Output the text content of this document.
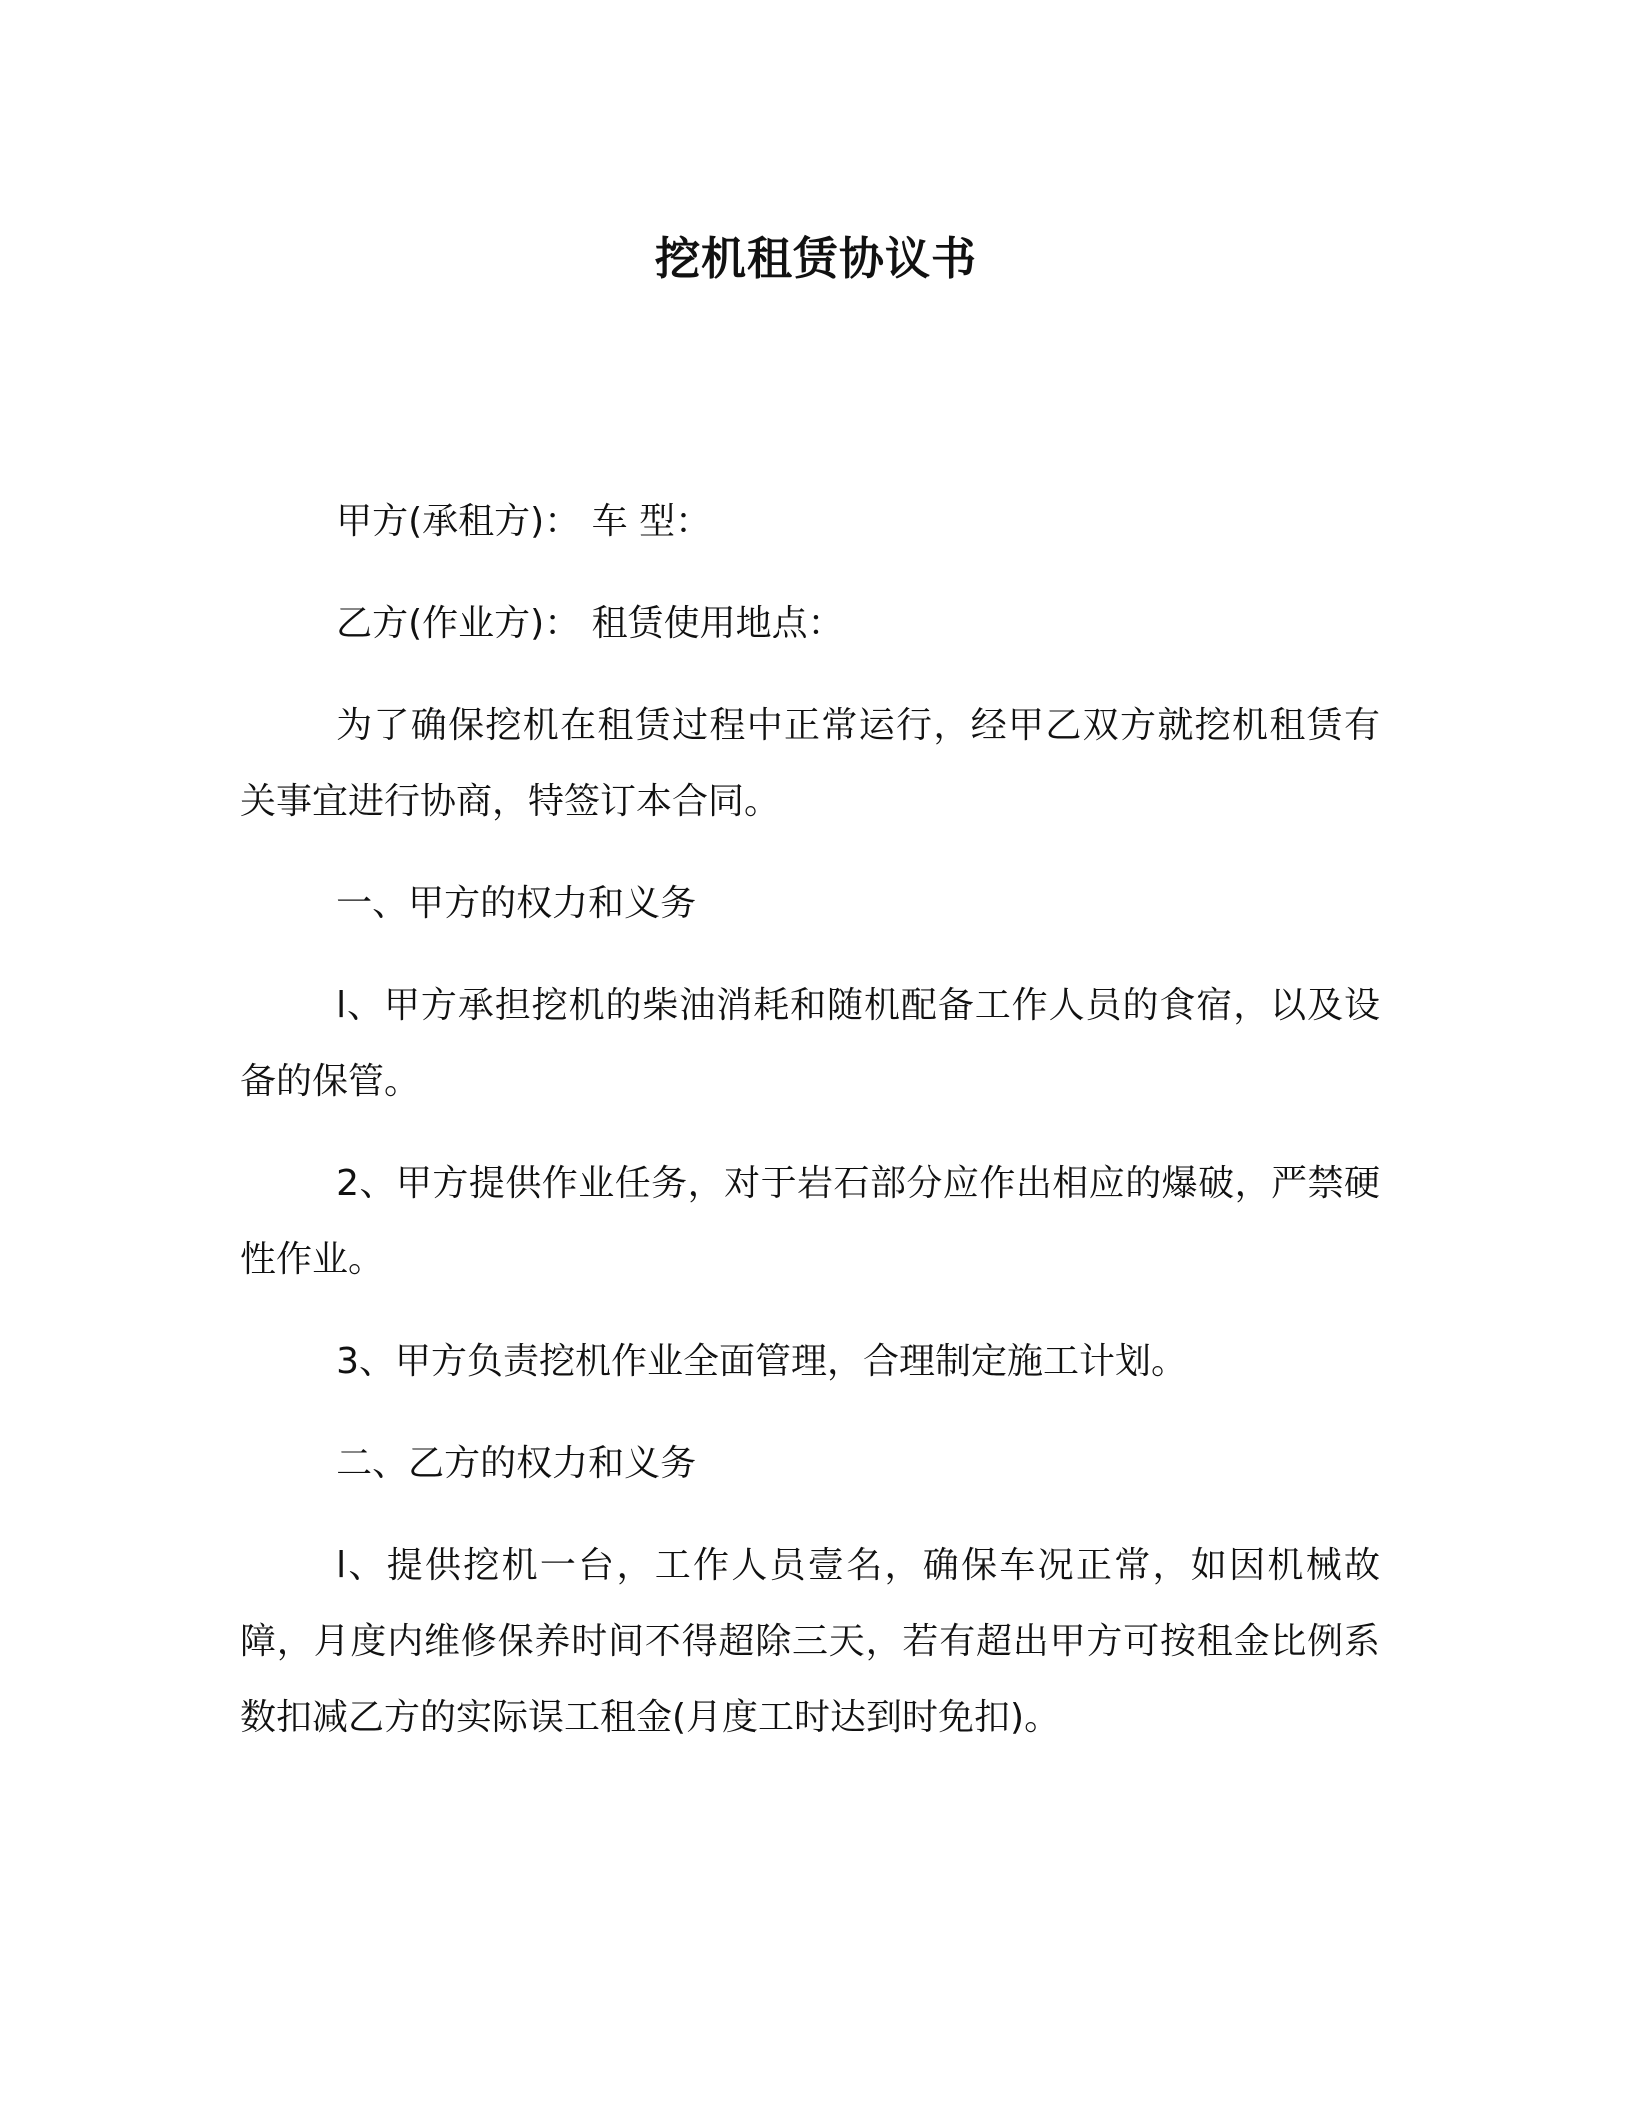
挖机租赁协议书

甲方(承租方)： 车 型：

乙方(作业方)： 租赁使用地点：

为了确保挖机在租赁过程中正常运行，经甲乙双方就挖机租赁有关事宜进行协商，特签订本合同。

一、甲方的权力和义务

l、甲方承担挖机的柴油消耗和随机配备工作人员的食宿，以及设备的保管。

2、甲方提供作业任务，对于岩石部分应作出相应的爆破，严禁硬性作业。

3、甲方负责挖机作业全面管理，合理制定施工计划。

二、乙方的权力和义务

l、提供挖机一台，工作人员壹名，确保车况正常，如因机械故障，月度内维修保养时间不得超除三天，若有超出甲方可按租金比例系数扣减乙方的实际误工租金(月度工时达到时免扣)。
